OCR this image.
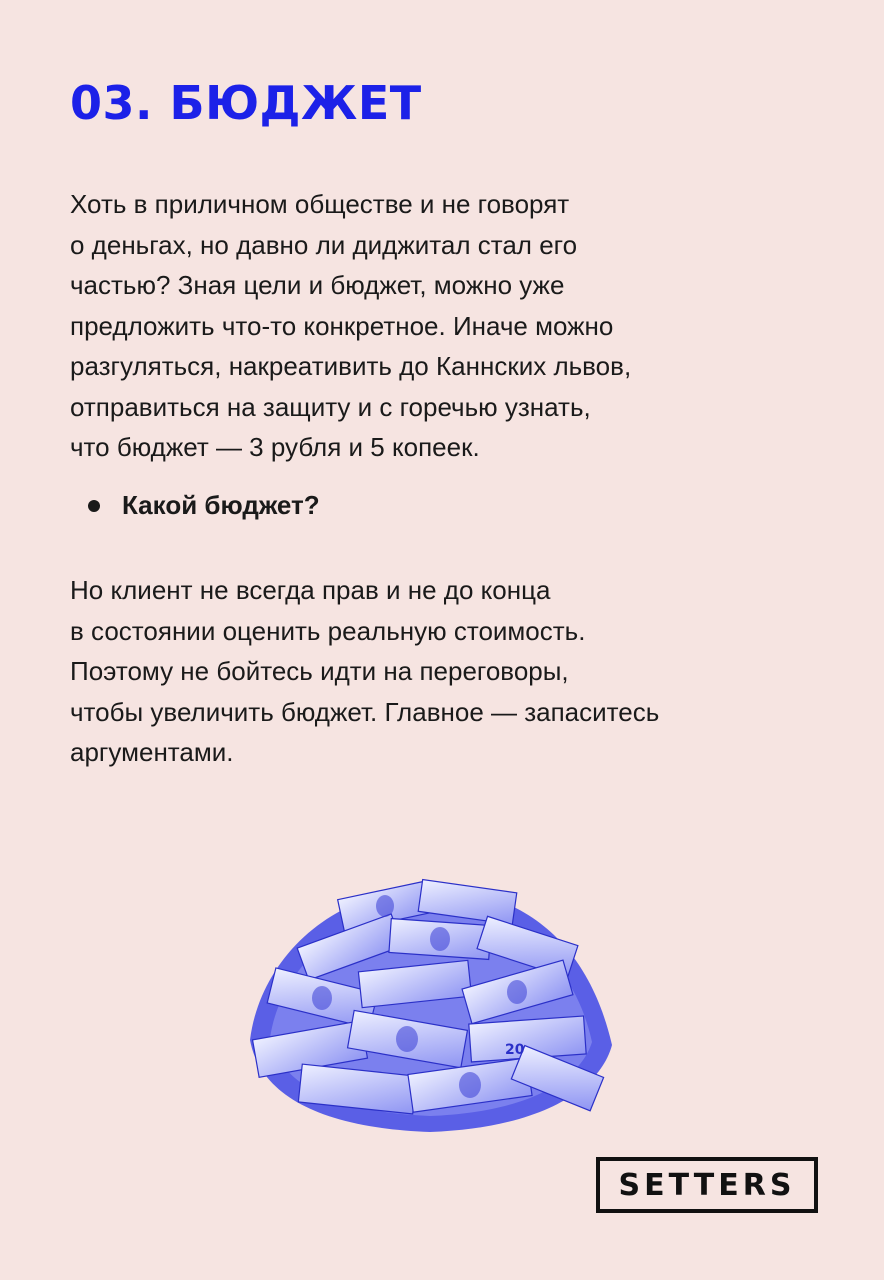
03. БЮДЖЕТ

Хоть в приличном обществе и не говорят
о деньгах, но давно ли диджитал стал его
частью? Зная цели и бюджет, можно уже
предложить что-то конкретное. Иначе можно
разгуляться, накреативить до Каннских львов,
отправиться на защиту и с горечью узнать,
что бюджет — 3 рубля и 5 копеек.

Какой бюджет?

Но клиент не всегда прав и не до конца
в состоянии оценить реальную стоимость.
Поэтому не бойтесь идти на переговоры,
чтобы увеличить бюджет. Главное — запаситесь
аргументами.

20
SETTERS
